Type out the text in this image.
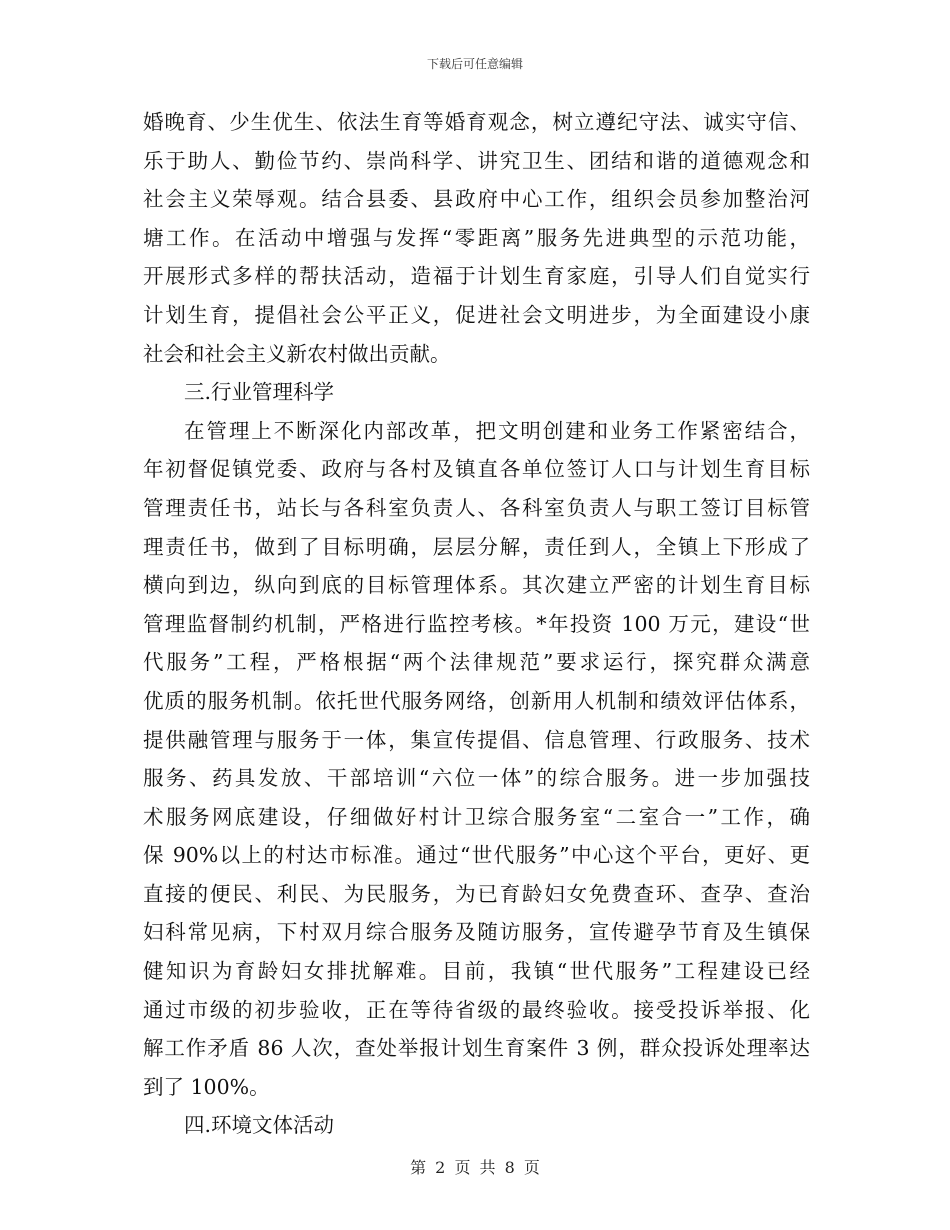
下载后可任意编辑
婚晚育、少生优生、依法生育等婚育观念，树立遵纪守法、诚实守信、
乐于助人、勤俭节约、崇尚科学、讲究卫生、团结和谐的道德观念和
社会主义荣辱观。结合县委、县政府中心工作，组织会员参加整治河
塘工作。在活动中增强与发挥“零距离”服务先进典型的示范功能，
开展形式多样的帮扶活动，造福于计划生育家庭，引导人们自觉实行
计划生育，提倡社会公平正义，促进社会文明进步，为全面建设小康
社会和社会主义新农村做出贡献。
三.行业管理科学
在管理上不断深化内部改革，把文明创建和业务工作紧密结合，
年初督促镇党委、政府与各村及镇直各单位签订人口与计划生育目标
管理责任书，站长与各科室负责人、各科室负责人与职工签订目标管
理责任书，做到了目标明确，层层分解，责任到人，全镇上下形成了
横向到边，纵向到底的目标管理体系。其次建立严密的计划生育目标
管理监督制约机制，严格进行监控考核。*年投资 100 万元，建设“世
代服务”工程，严格根据“两个法律规范”要求运行，探究群众满意
优质的服务机制。依托世代服务网络，创新用人机制和绩效评估体系，
提供融管理与服务于一体，集宣传提倡、信息管理、行政服务、技术
服务、药具发放、干部培训“六位一体”的综合服务。进一步加强技
术服务网底建设，仔细做好村计卫综合服务室“二室合一”工作，确
保 90%以上的村达市标准。通过“世代服务”中心这个平台，更好、更
直接的便民、利民、为民服务，为已育龄妇女免费查环、查孕、查治
妇科常见病，下村双月综合服务及随访服务，宣传避孕节育及生镇保
健知识为育龄妇女排扰解难。目前，我镇“世代服务”工程建设已经
通过市级的初步验收，正在等待省级的最终验收。接受投诉举报、化
解工作矛盾 86 人次，查处举报计划生育案件 3 例，群众投诉处理率达
到了 100%。
四.环境文体活动
第 2 页 共 8 页
